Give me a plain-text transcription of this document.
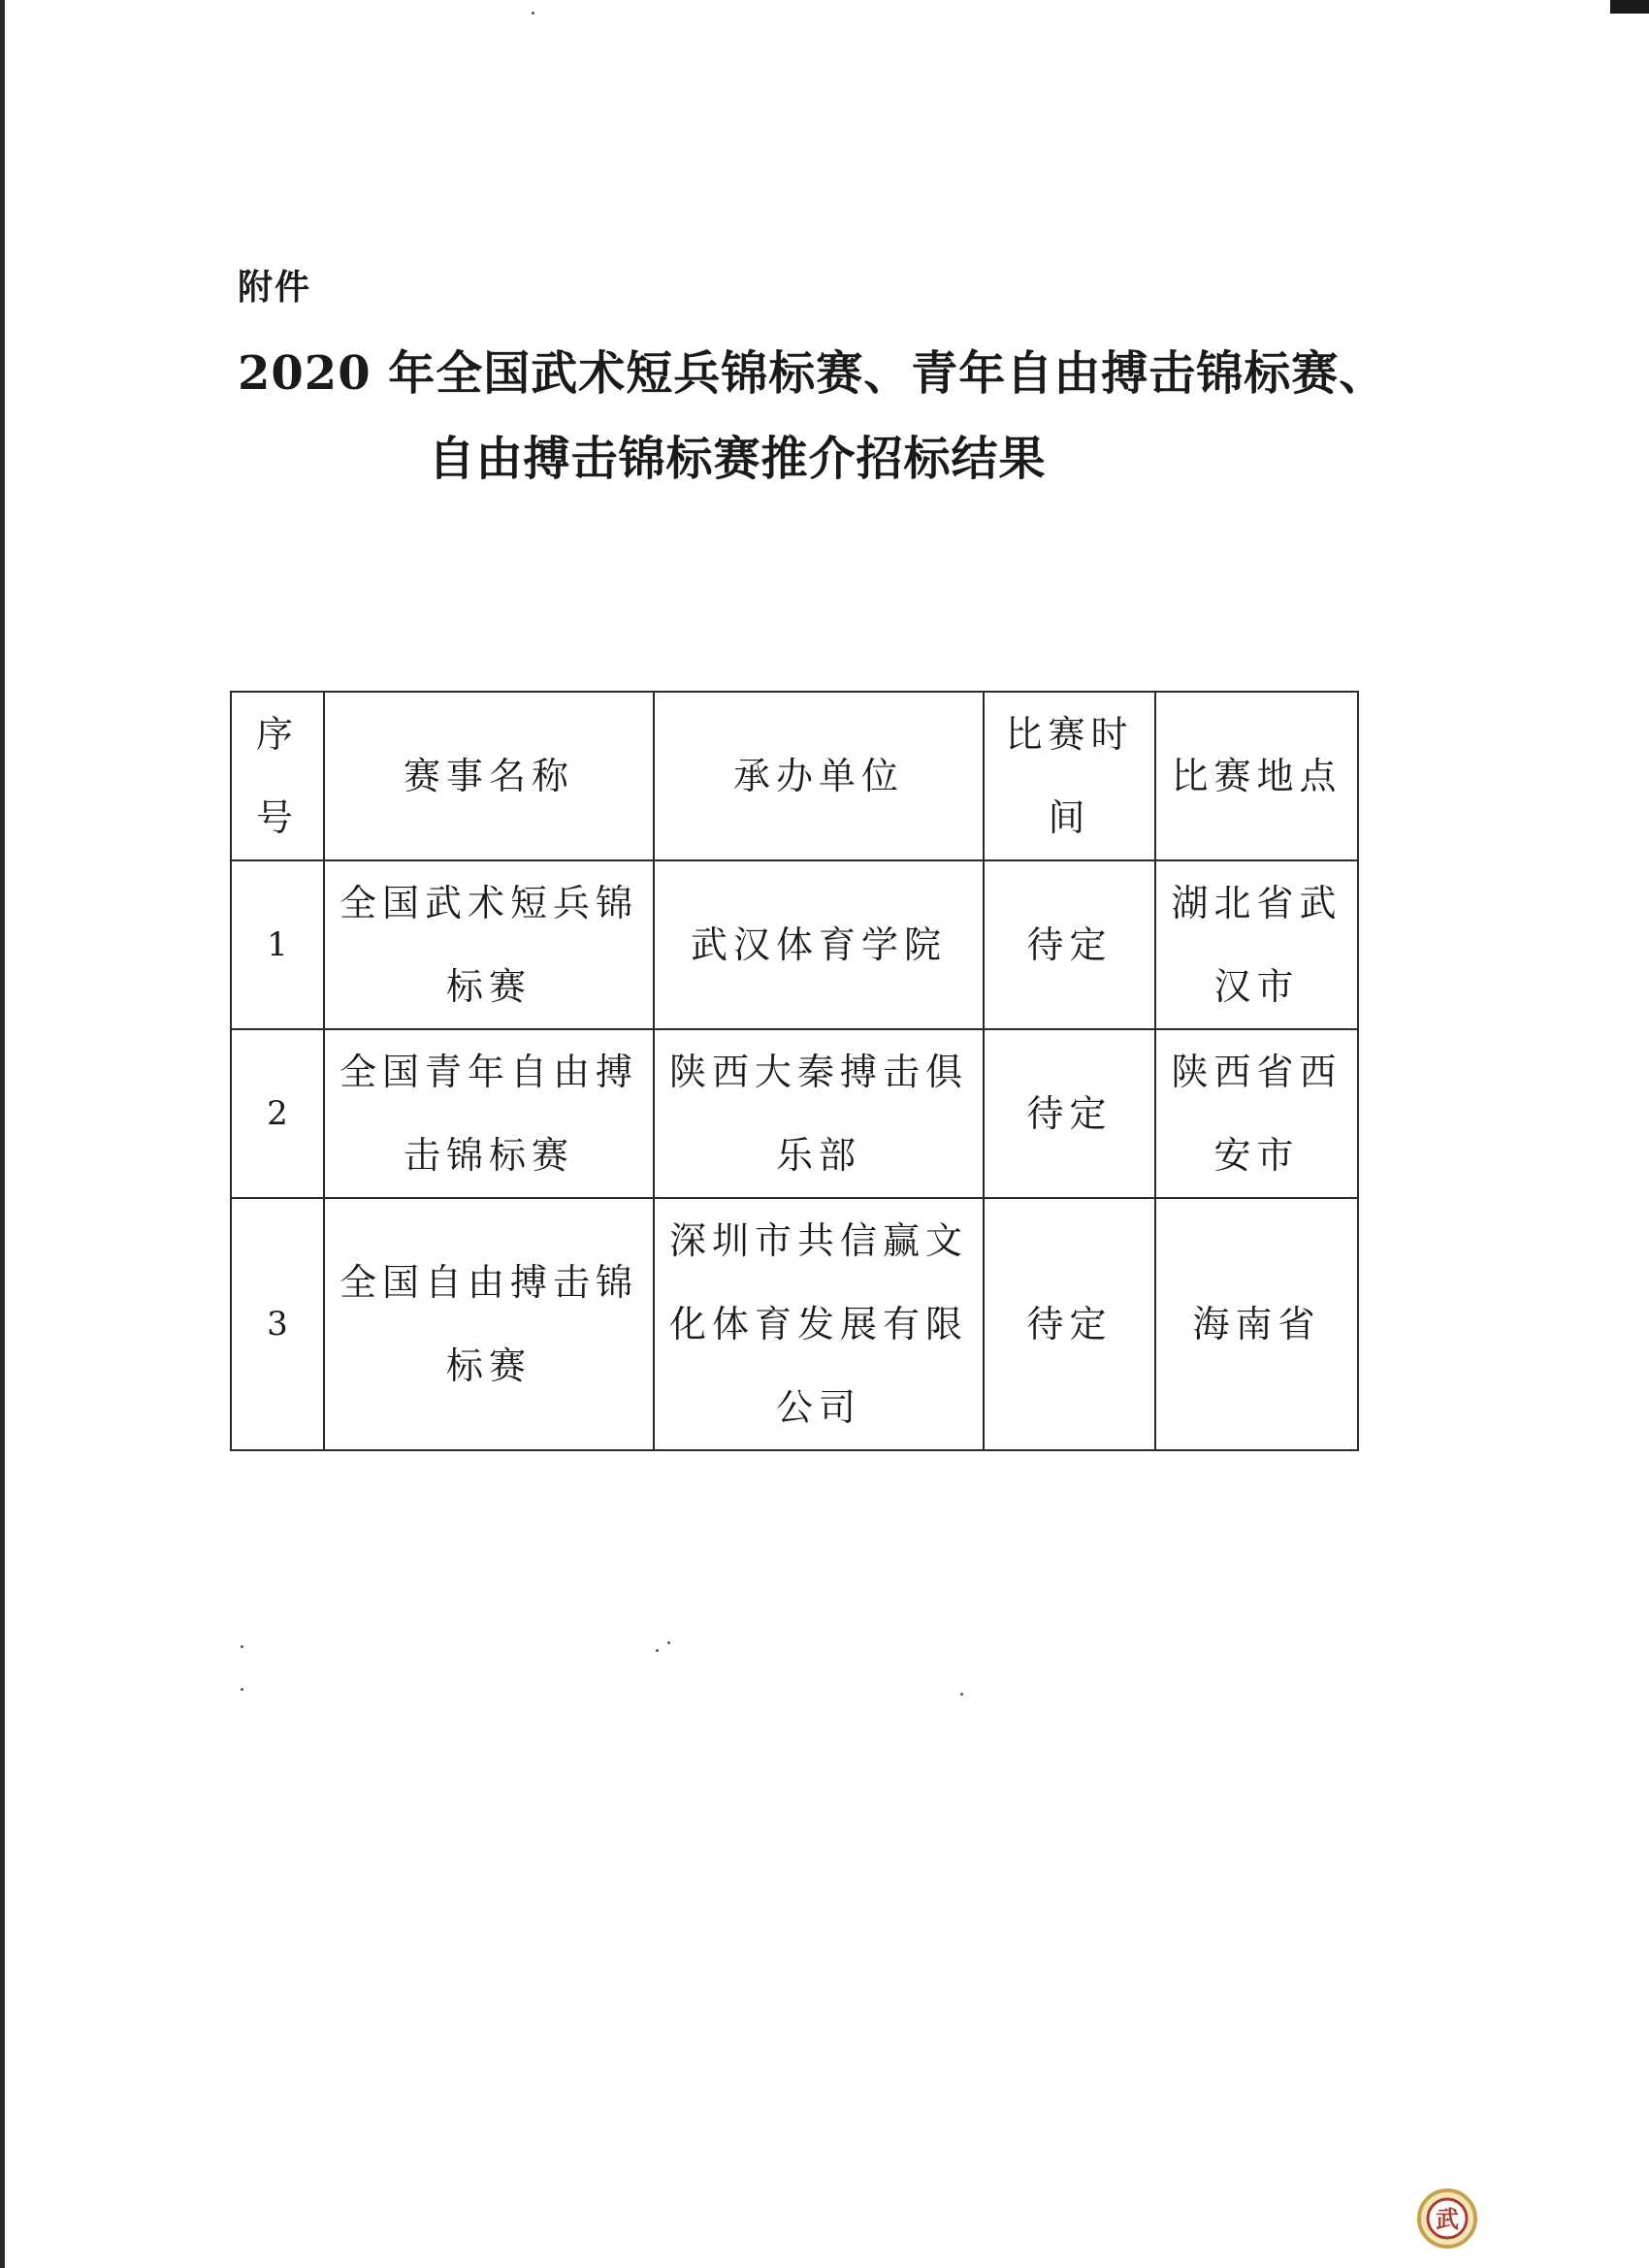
附件
2020 年全国武术短兵锦标赛、青年自由搏击锦标赛、
自由搏击锦标赛推介招标结果
序号	赛事名称	承办单位	比赛时间	比赛地点
1	全国武术短兵锦标赛	武汉体育学院	待定	湖北省武汉市
2	全国青年自由搏击锦标赛	陕西大秦搏击俱乐部	待定	陕西省西安市
3	全国自由搏击锦标赛	深圳市共信赢文化体育发展有限公司	待定	海南省
武
